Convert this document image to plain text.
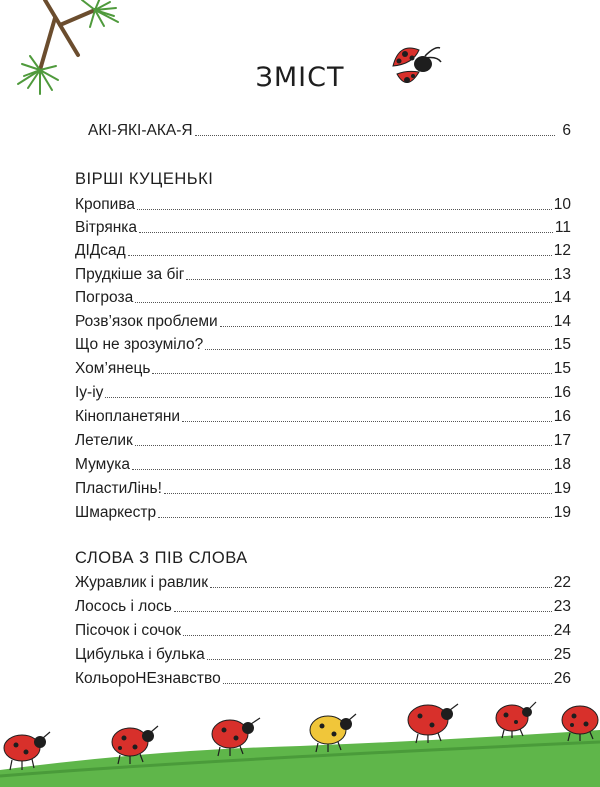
ЗМІСТ
АКІ-ЯКІ-АКА-Я	6
ВІРШІ КУЦЕНЬКІ
Кропива	10
Вітрянка	11
ДІДсад	12
Прудкіше за біг	13
Погроза	14
Розв’язок проблеми	14
Що не зрозуміло?	15
Хом’янець	15
Іу-іу	16
Кінопланетяни	16
Летелик	17
Мумука	18
ПластиЛінь!	19
Шмаркестр	19
СЛОВА З ПІВ СЛОВА
Журавлик і равлик	22
Лосось і лось	23
Пісочок і сочок	24
Цибулька і булька	25
КольороНЕзнавство	26
